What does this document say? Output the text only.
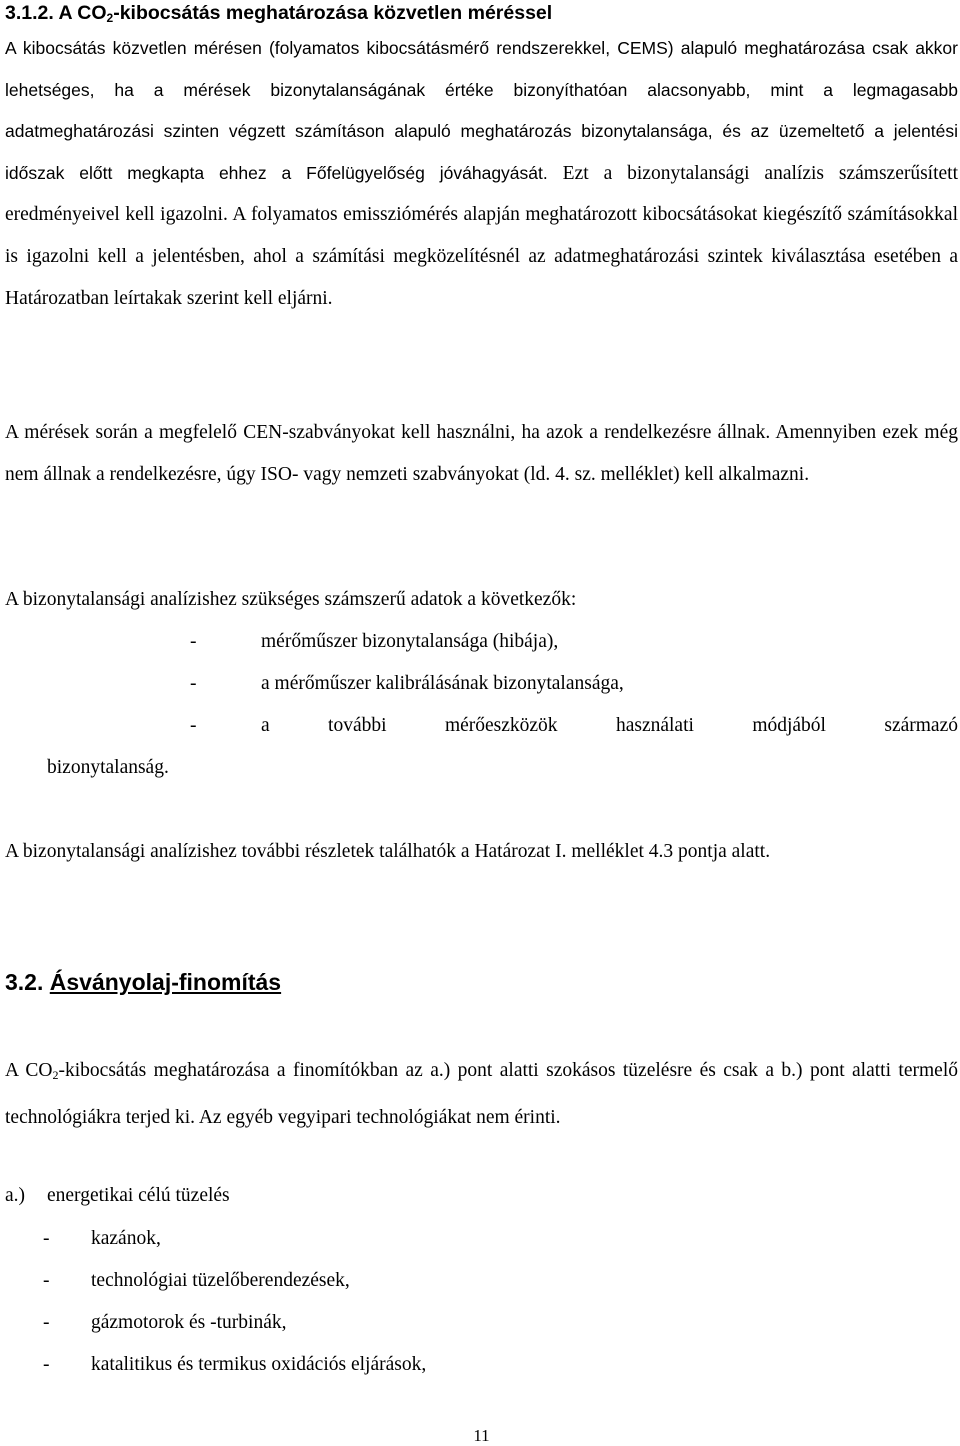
3.1.2. A $CO_2$-kibocsátás meghatározása közvetlen méréssel

A kibocsátás közvetlen mérésen (folyamatos kibocsátásmérő rendszerekkel, CEMS) alapuló meghatározása csak akkor lehetséges, ha a mérések bizonytalanságának értéke bizonyíthatóan alacsonyabb, mint a legmagasabb adatmeghatározási szinten végzett számításon alapuló meghatározás bizonytalansága, és az üzemeltető a jelentési időszak előtt megkapta ehhez a Főfelügyelőség jóváhagyását. Ezt a bizonytalansági analízis számszerűsített eredményeivel kell igazolni. A folyamatos emissziómérés alapján meghatározott kibocsátásokat kiegészítő számításokkal is igazolni kell a jelentésben, ahol a számítási megközelítésnél az adatmeghatározási szintek kiválasztása esetében a Határozatban leírtakak szerint kell eljárni.

A mérések során a megfelelő CEN-szabványokat kell használni, ha azok a rendelkezésre állnak. Amennyiben ezek még nem állnak a rendelkezésre, úgy ISO- vagy nemzeti szabványokat (ld. 4. sz. melléklet) kell alkalmazni.

A bizonytalansági analízishez szükséges számszerű adatok a következők:
-	mérőműszer bizonytalansága (hibája),
-	a mérőműszer kalibrálásának bizonytalansága,
-	a további mérőeszközök használati módjából származó
bizonytalanság.

A bizonytalansági analízishez további részletek találhatók a Határozat I. melléklet 4.3 pontja alatt.

3.2. Ásványolaj-finomítás

A $CO_2$-kibocsátás meghatározása a finomítókban az a.) pont alatti szokásos tüzelésre és csak a b.) pont alatti termelő technológiákra terjed ki. Az egyéb vegyipari technológiákat nem érinti.

a.) energetikai célú tüzelés
- kazánok,
- technológiai tüzelőberendezések,
- gázmotorok és -turbinák,
- katalitikus és termikus oxidációs eljárások,
11
